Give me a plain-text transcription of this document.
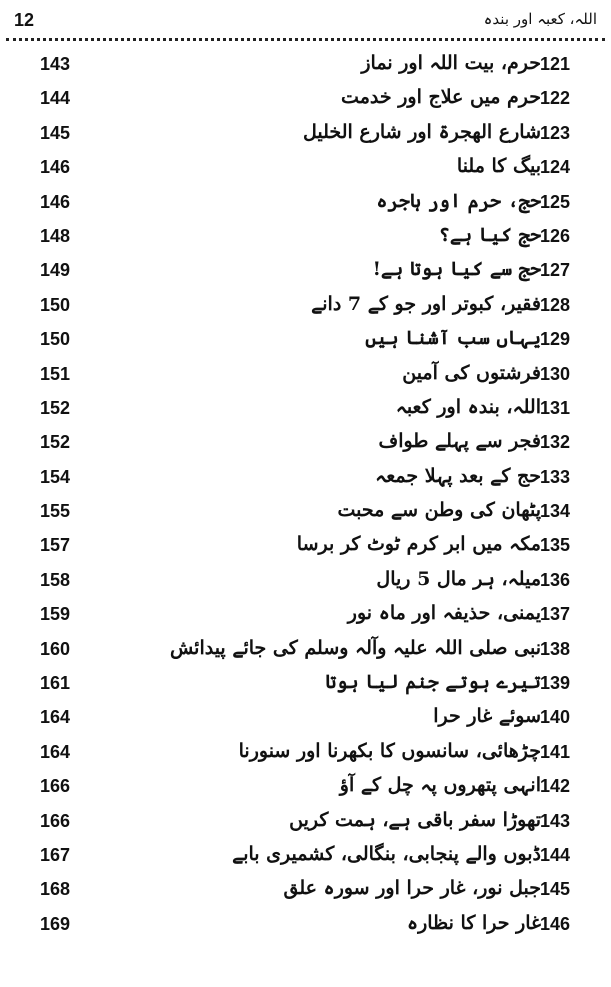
12	اللہ، کعبہ اور بندہ
143	حرم، بیت اللہ اور نماز 121
144	حرم میں علاج اور خدمت 122
145	شارع الھجرۃ اور شارع الخلیل 123
146	بیگ کا ملنا 124
146	حج، حرم اور ہاجرہ 125
148	حج کیا ہے؟ 126
149	حج سے کیا ہوتا ہے! 127
150	فقیر، کبوتر اور جو کے 7 دانے 128
150	یہاں سب آشنا ہیں 129
151	فرشتوں کی آمین 130
152	اللہ، بندہ اور کعبہ 131
152	فجر سے پہلے طواف 132
154	حج کے بعد پہلا جمعہ 133
155	پٹھان کی وطن سے محبت 134
157	مکہ میں ابر کرم ٹوٹ کر برسا 135
158	میلہ، ہر مال 5 ریال 136
159	یمنی، حذیفہ اور ماہ نور 137
160	نبی صلی اللہ علیہ وآلہ وسلم کی جائے پیدائش 138
161	تیرے ہوتے جنم لیا ہوتا 139
164	سوئے غار حرا 140
164	چڑھائی، سانسوں کا بکھرنا اور سنورنا 141
166	انہی پتھروں پہ چل کے آؤ 142
166	تھوڑا سفر باقی ہے، ہمت کریں 143
167	ڈبوں والے پنجابی، بنگالی، کشمیری بابے 144
168	جبل نور، غار حرا اور سورہ علق 145
169	غار حرا کا نظارہ 146
